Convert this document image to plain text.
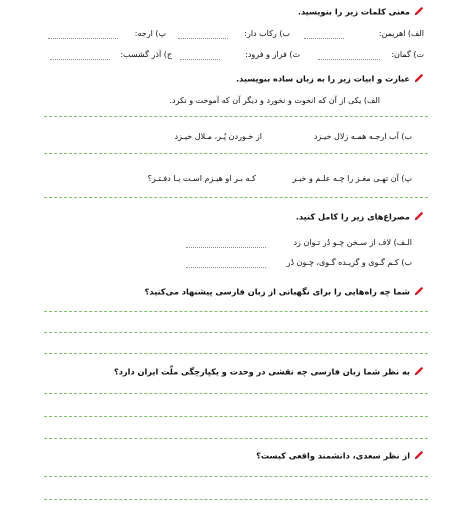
معنی کلمات زیر را بنویسید.
الف) اهریمن:
ب) رکاب دار:
پ) ارجه:
ت) گمان:
ث) فراز و فرود:
ج) آذر گشسب:
عبارت و ابیات زیر را به زبان ساده بنویسید.
الف) یکی از آن که انخوت و نخورد و دیگر آن که آموخت و نکرد.
ب) آب ارجـه همـه زلال خیـزد
از خـوردن پُـر، مـلال خیـزد
پ) آن تهـی مغـز را چـه علـم و خبـر
کـه بـر او هیـزم اسـت یـا دفـتـر؟
مصراع‌های زیر را کامل کنید.
الـف) لاف از سـخن چـو دُر تـوان زد
ب) کـم گـوی و گزیـده گـوی، چـون دُر
شما چه راه‌هایی را برای نگهبانی از زبان فارسی پیشنهاد می‌کنید؟
به نظر شما زبان فارسی چه نقشی در وحدت و یکپارچگی ملّت ایران دارد؟
از نظر سعدی، دانشمند واقعی کیست؟
